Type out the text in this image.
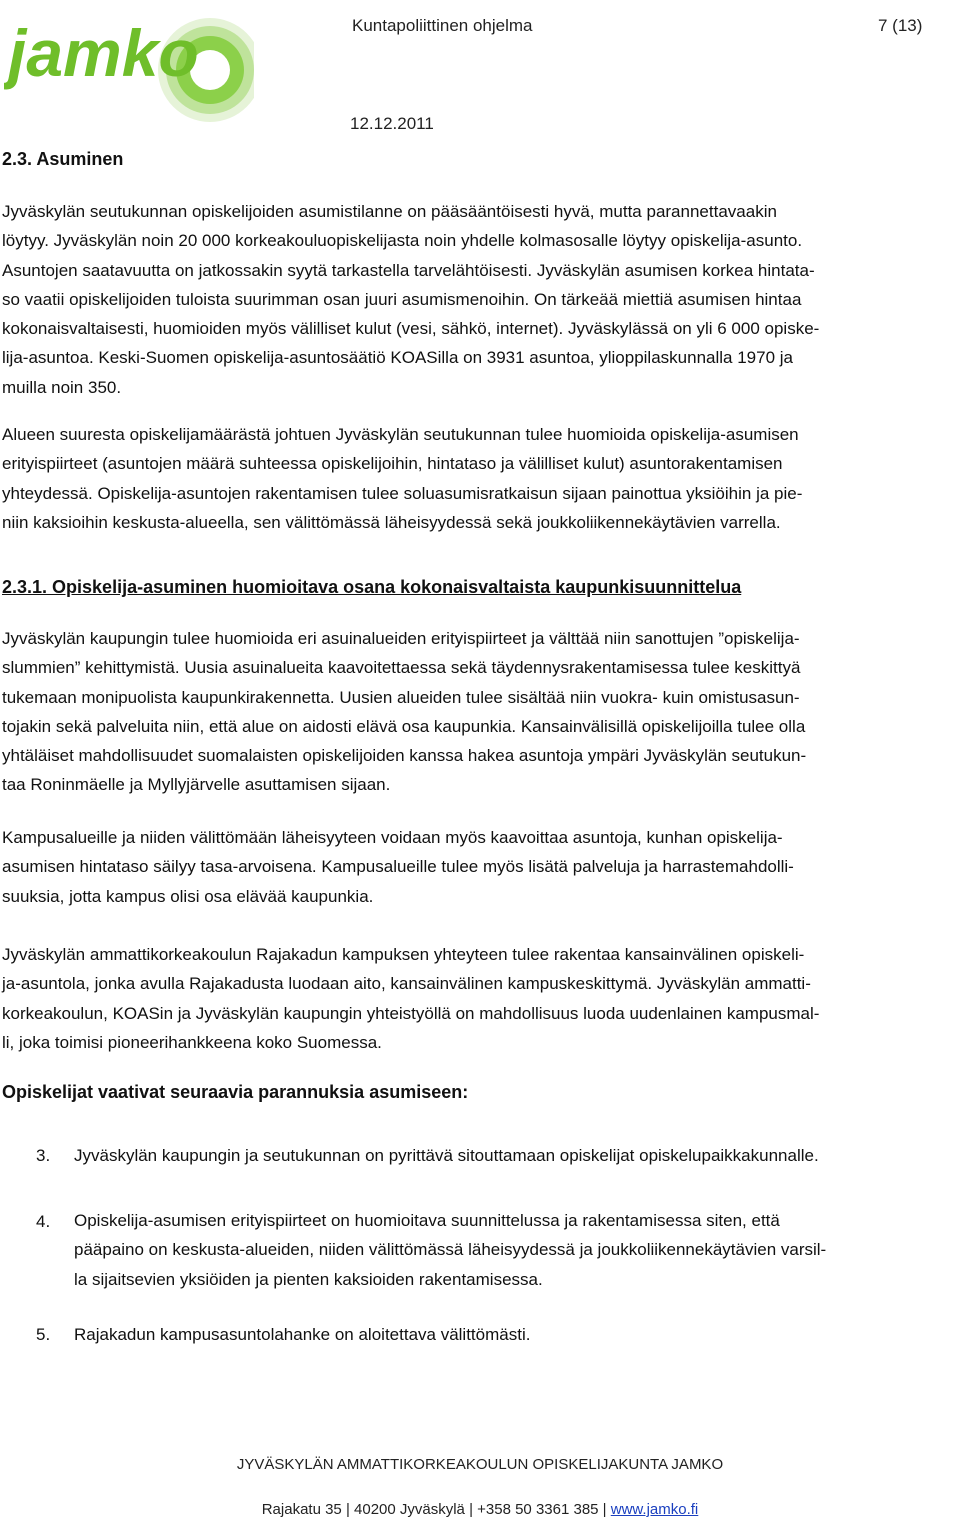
jamko	Kuntapoliittinen ohjelma	7 (13)
12.12.2011
2.3. Asuminen
Jyväskylän seutukunnan opiskelijoiden asumistilanne on pääsääntöisesti hyvä, mutta parannettavaakin
löytyy. Jyväskylän noin 20 000 korkeakouluopiskelijasta noin yhdelle kolmasosalle löytyy opiskelija-asunto.
Asuntojen saatavuutta on jatkossakin syytä tarkastella tarvelähtöisesti. Jyväskylän asumisen korkea hintata-
so vaatii opiskelijoiden tuloista suurimman osan juuri asumismenoihin. On tärkeää miettiä asumisen hintaa
kokonaisvaltaisesti, huomioiden myös välilliset kulut (vesi, sähkö, internet). Jyväskylässä on yli 6 000 opiske-
lija-asuntoa. Keski-Suomen opiskelija-asuntosäätiö KOASilla on 3931 asuntoa, ylioppilaskunnalla 1970 ja
muilla noin 350.
Alueen suuresta opiskelijamäärästä johtuen Jyväskylän seutukunnan tulee huomioida opiskelija-asumisen
erityispiirteet (asuntojen määrä suhteessa opiskelijoihin, hintataso ja välilliset kulut) asuntorakentamisen
yhteydessä. Opiskelija-asuntojen rakentamisen tulee soluasumisratkaisun sijaan painottua yksiöihin ja pie-
niin kaksioihin keskusta-alueella, sen välittömässä läheisyydessä sekä joukkoliikennekäytävien varrella.
2.3.1. Opiskelija-asuminen huomioitava osana kokonaisvaltaista kaupunkisuunnittelua
Jyväskylän kaupungin tulee huomioida eri asuinalueiden erityispiirteet ja välttää niin sanottujen ”opiskelija-
slummien” kehittymistä. Uusia asuinalueita kaavoitettaessa sekä täydennysrakentamisessa tulee keskittyä
tukemaan monipuolista kaupunkirakennetta. Uusien alueiden tulee sisältää niin vuokra- kuin omistusasun-
tojakin sekä palveluita niin, että alue on aidosti elävä osa kaupunkia. Kansainvälisillä opiskelijoilla tulee olla
yhtäläiset mahdollisuudet suomalaisten opiskelijoiden kanssa hakea asuntoja ympäri Jyväskylän seutukun-
taa Roninmäelle ja Myllyjärvelle asuttamisen sijaan.
Kampusalueille ja niiden välittömään läheisyyteen voidaan myös kaavoittaa asuntoja, kunhan opiskelija-
asumisen hintataso säilyy tasa-arvoisena. Kampusalueille tulee myös lisätä palveluja ja harrastemahdolli-
suuksia, jotta kampus olisi osa elävää kaupunkia.
Jyväskylän ammattikorkeakoulun Rajakadun kampuksen yhteyteen tulee rakentaa kansainvälinen opiskeli-
ja-asuntola, jonka avulla Rajakadusta luodaan aito, kansainvälinen kampuskeskittymä. Jyväskylän ammatti-
korkeakoulun, KOASin ja Jyväskylän kaupungin yhteistyöllä on mahdollisuus luoda uudenlainen kampusmal-
li, joka toimisi pioneerihankkeena koko Suomessa.
Opiskelijat vaativat seuraavia parannuksia asumiseen:
3. Jyväskylän kaupungin ja seutukunnan on pyrittävä sitouttamaan opiskelijat opiskelupaikkakunnalle.
4. Opiskelija-asumisen erityispiirteet on huomioitava suunnittelussa ja rakentamisessa siten, että
pääpaino on keskusta-alueiden, niiden välittömässä läheisyydessä ja joukkoliikennekäytävien varsil-
la sijaitsevien yksiöiden ja pienten kaksioiden rakentamisessa.
5. Rajakadun kampusasuntolahanke on aloitettava välittömästi.
JYVÄSKYLÄN AMMATTIKORKEAKOULUN OPISKELIJAKUNTA JAMKO
Rajakatu 35 | 40200 Jyväskylä | +358 50 3361 385 | www.jamko.fi
